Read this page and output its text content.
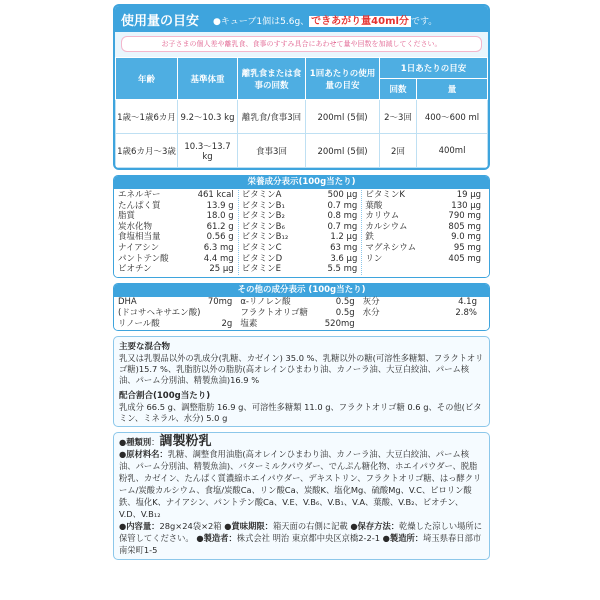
使用量の目安 ●キューブ1個は5.6g、 できあがり量40ml分 です。
お子さまの個人差や離乳食、食事のすすみ具合にあわせて量や回数を加減してください。
年齢	基準体重	離乳食または食事の回数	1回あたりの使用量の目安	1日あたりの目安	
				回数	量
1歳～1歳6カ月	9.2～10.3 kg	離乳食/食事3回	200ml (5個)	2～3回	400～600 ml
1歳6カ月～3歳	10.3～13.7 kg	食事3回	200ml (5個)	2回	400ml
栄養成分表示(100g当たり)
エネルギー	461 kcal
たんぱく質	13.9 g
脂質	18.0 g
炭水化物	61.2 g
食塩相当量	0.56 g
ナイアシン	6.3 mg
パントテン酸	4.4 mg
ビオチン	25 μg
ビタミンA	500 μg
ビタミンB₁	0.7 mg
ビタミンB₂	0.8 mg
ビタミンB₆	0.7 mg
ビタミンB₁₂	1.2 μg
ビタミンC	63 mg
ビタミンD	3.6 μg
ビタミンE	5.5 mg
ビタミンK	19 μg
葉酸	130 μg
カリウム	790 mg
カルシウム	805 mg
鉄	9.0 mg
マグネシウム	95 mg
リン	405 mg
その他の成分表示 (100g当たり)
DHA	70mg α-リノレン酸	0.5g 灰分	4.1g
(ドコサヘキサエン酸)	フラクトオリゴ糖	0.5g 水分	2.8%
リノール酸	2g 塩素	520mg
主要な混合物

乳又は乳製品以外の乳成分(乳糖、カゼイン) 35.0 %、乳糖以外の糖(可溶性多糖類、フラクトオリゴ糖)15.7 %、乳脂肪以外の脂肪(高オレインひまわり油、カノーラ油、大豆白絞油、パーム核油、パーム分別油、精製魚油)16.9 %

配合割合(100g当たり)

乳成分 66.5 g、調整脂肪 16.9 g、可溶性多糖類 11.0 g、フラクトオリゴ糖 0.6 g、その他(ビタミン、ミネラル、水分) 5.0 g

●種類別：調製粉乳
●原材料名：乳糖、調整食用油脂(高オレインひまわり油、カノーラ油、大豆白絞油、パーム核油、パーム分別油、精製魚油)、バターミルクパウダー、でんぷん糖化物、ホエイパウダー、脱脂粉乳、カゼイン、たんぱく質濃縮ホエイパウダー、デキストリン、フラクトオリゴ糖、はっ酵クリーム/炭酸カルシウム、食塩/炭酸Ca、リン酸Ca、炭酸K、塩化Mg、硫酸Mg、V.C、ピロリン酸鉄、塩化K、ナイアシン、パントテン酸Ca、V.E、V.B₆、V.B₁、V.A、葉酸、V.B₂、ビオチン、V.D、V.B₁₂
●内容量：28g×24袋×2箱 ●賞味期限：箱天面の右側に記載 ●保存方法：乾燥した涼しい場所に保管してください。 ●製造者：株式会社 明治 東京都中央区京橋2-2-1 ●製造所：埼玉県春日部市南栄町1-5
